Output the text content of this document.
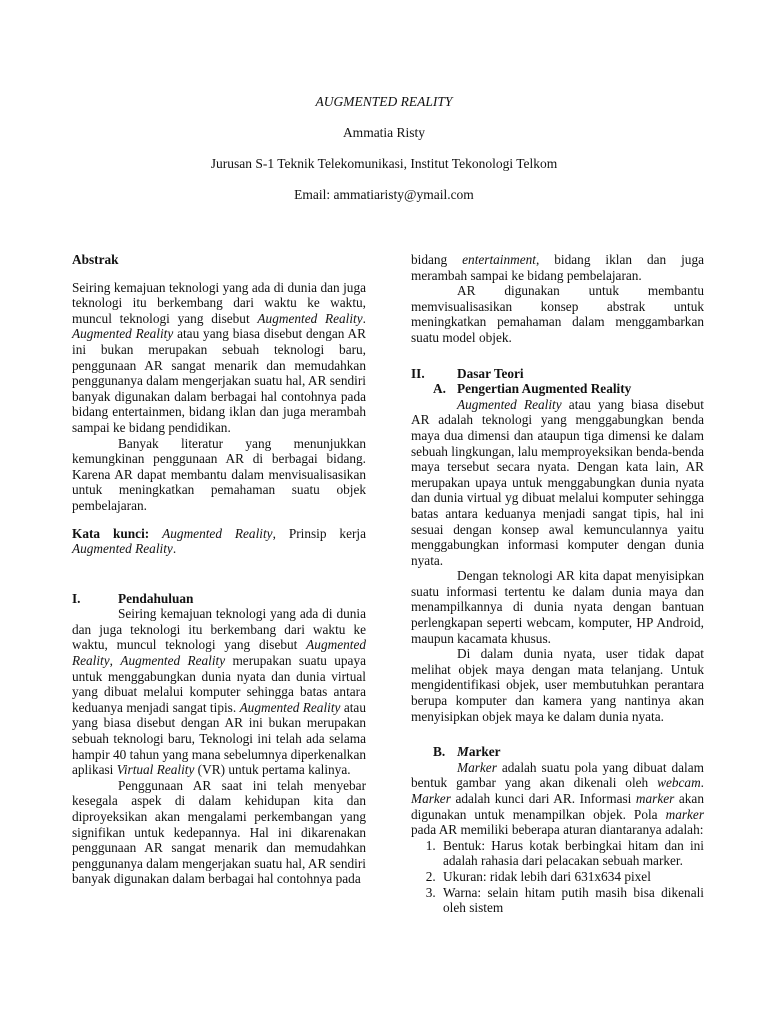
AUGMENTED REALITY
Ammatia Risty
Jurusan S-1 Teknik Telekomunikasi, Institut Tekonologi Telkom
Email: ammatiaristy@ymail.com

Abstrak

Seiring kemajuan teknologi yang ada di dunia dan juga teknologi itu berkembang dari waktu ke waktu, muncul teknologi yang disebut Augmented Reality. Augmented Reality atau yang biasa disebut dengan AR ini bukan merupakan sebuah teknologi baru, penggunaan AR sangat menarik dan memudahkan penggunanya dalam mengerjakan suatu hal, AR sendiri banyak digunakan dalam berbagai hal contohnya pada bidang entertainmen, bidang iklan dan juga merambah sampai ke bidang pendidikan.

Banyak literatur yang menunjukkan kemungkinan penggunaan AR di berbagai bidang. Karena AR dapat membantu dalam menvisualisasikan untuk meningkatkan pemahaman suatu objek pembelajaran.

Kata kunci: Augmented Reality, Prinsip kerja Augmented Reality.

I.	Pendahuluan

Seiring kemajuan teknologi yang ada di dunia dan juga teknologi itu berkembang dari waktu ke waktu, muncul teknologi yang disebut Augmented Reality, Augmented Reality merupakan suatu upaya untuk menggabungkan dunia nyata dan dunia virtual yang dibuat melalui komputer sehingga batas antara keduanya menjadi sangat tipis. Augmented Reality atau yang biasa disebut dengan AR ini bukan merupakan sebuah teknologi baru, Teknologi ini telah ada selama hampir 40 tahun yang mana sebelumnya diperkenalkan aplikasi Virtual Reality (VR) untuk pertama kalinya.

Penggunaan AR saat ini telah menyebar kesegala aspek di dalam kehidupan kita dan diproyeksikan akan mengalami perkembangan yang signifikan untuk kedepannya. Hal ini dikarenakan penggunaan AR sangat menarik dan memudahkan penggunanya dalam mengerjakan suatu hal, AR sendiri banyak digunakan dalam berbagai hal contohnya pada

bidang entertainment, bidang iklan dan juga merambah sampai ke bidang pembelajaran.

AR digunakan untuk membantu memvisualisasikan konsep abstrak untuk meningkatkan pemahaman dalam menggambarkan suatu model objek.

II.	Dasar Teori
A. Pengertian Augmented Reality

Augmented Reality atau yang biasa disebut AR adalah teknologi yang menggabungkan benda maya dua dimensi dan ataupun tiga dimensi ke dalam sebuah lingkungan, lalu memproyeksikan benda-benda maya tersebut secara nyata. Dengan kata lain, AR merupakan upaya untuk menggabungkan dunia nyata dan dunia virtual yg dibuat melalui komputer sehingga batas antara keduanya menjadi sangat tipis, hal ini sesuai dengan konsep awal kemunculannya yaitu menggabungkan informasi komputer dengan dunia nyata.

Dengan teknologi AR kita dapat menyisipkan suatu informasi tertentu ke dalam dunia maya dan menampilkannya di dunia nyata dengan bantuan perlengkapan seperti webcam, komputer, HP Android, maupun kacamata khusus.

Di dalam dunia nyata, user tidak dapat melihat objek maya dengan mata telanjang. Untuk mengidentifikasi objek, user membutuhkan perantara berupa komputer dan kamera yang nantinya akan menyisipkan objek maya ke dalam dunia nyata.

B. Marker

Marker adalah suatu pola yang dibuat dalam bentuk gambar yang akan dikenali oleh webcam. Marker adalah kunci dari AR. Informasi marker akan digunakan untuk menampilkan objek. Pola marker pada AR memiliki beberapa aturan diantaranya adalah:

1. Bentuk: Harus kotak berbingkai hitam dan ini adalah rahasia dari pelacakan sebuah marker.
2. Ukuran: ridak lebih dari 631x634 pixel
3. Warna: selain hitam putih masih bisa dikenali oleh sistem
